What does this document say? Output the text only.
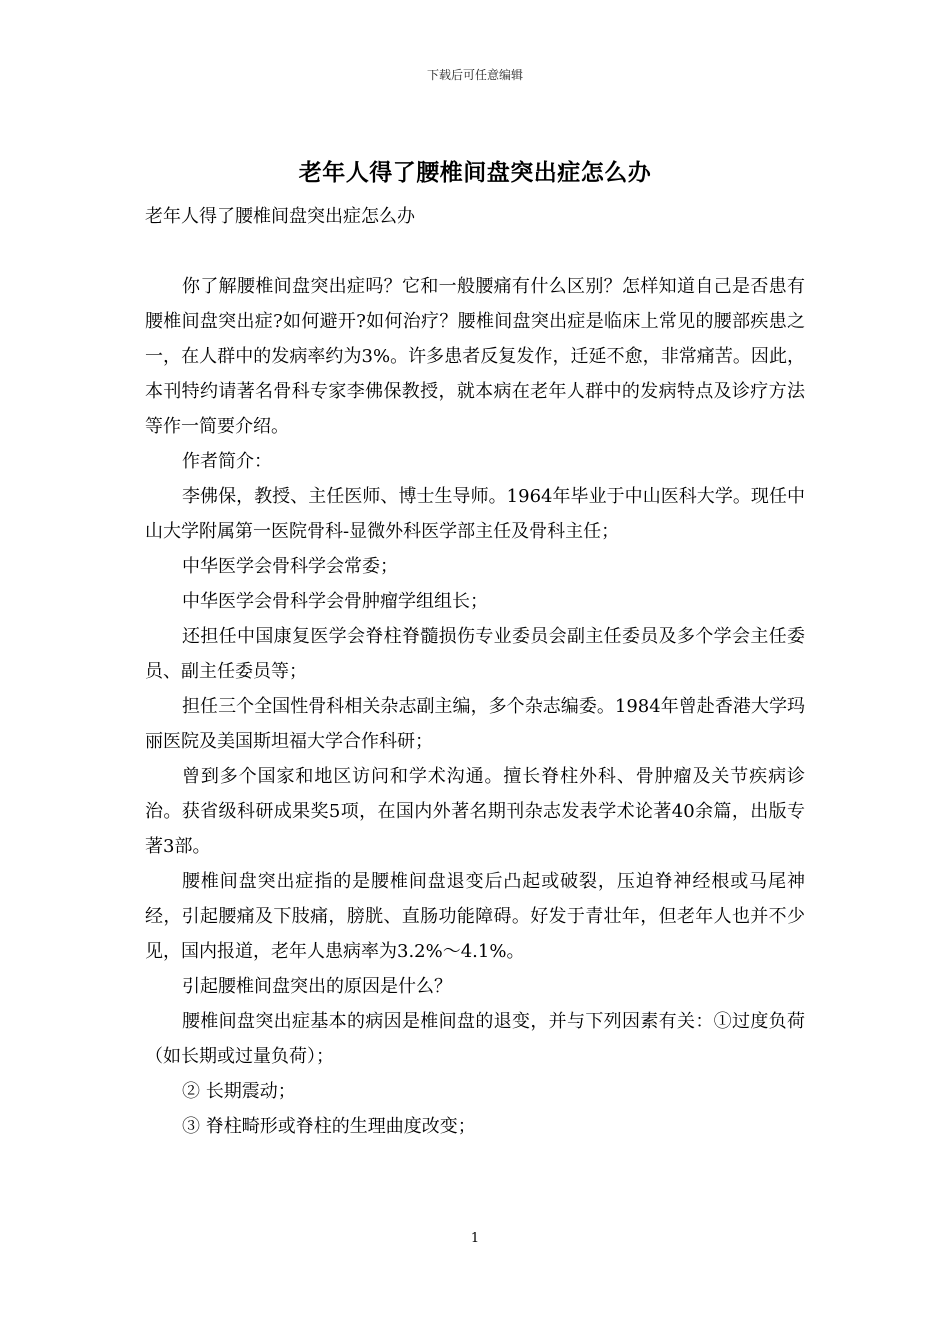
下载后可任意编辑
老年人得了腰椎间盘突出症怎么办
老年人得了腰椎间盘突出症怎么办

你了解腰椎间盘突出症吗？它和一般腰痛有什么区别？怎样知道自己是否患有腰椎间盘突出症?如何避开?如何治疗？腰椎间盘突出症是临床上常见的腰部疾患之一，在人群中的发病率约为3%。许多患者反复发作，迁延不愈，非常痛苦。因此，本刊特约请著名骨科专家李佛保教授，就本病在老年人群中的发病特点及诊疗方法等作一简要介绍。

作者简介：

李佛保，教授、主任医师、博士生导师。1964年毕业于中山医科大学。现任中山大学附属第一医院骨科-显微外科医学部主任及骨科主任；

中华医学会骨科学会常委；

中华医学会骨科学会骨肿瘤学组组长；

还担任中国康复医学会脊柱脊髓损伤专业委员会副主任委员及多个学会主任委员、副主任委员等；

担任三个全国性骨科相关杂志副主编，多个杂志编委。1984年曾赴香港大学玛丽医院及美国斯坦福大学合作科研；

曾到多个国家和地区访问和学术沟通。擅长脊柱外科、骨肿瘤及关节疾病诊治。获省级科研成果奖5项，在国内外著名期刊杂志发表学术论著40余篇，出版专著3部。

腰椎间盘突出症指的是腰椎间盘退变后凸起或破裂，压迫脊神经根或马尾神经，引起腰痛及下肢痛，膀胱、直肠功能障碍。好发于青壮年，但老年人也并不少见，国内报道，老年人患病率为3.2%～4.1%。

引起腰椎间盘突出的原因是什么？

腰椎间盘突出症基本的病因是椎间盘的退变，并与下列因素有关：①过度负荷（如长期或过量负荷）；

② 长期震动；

③ 脊柱畸形或脊柱的生理曲度改变；

1
